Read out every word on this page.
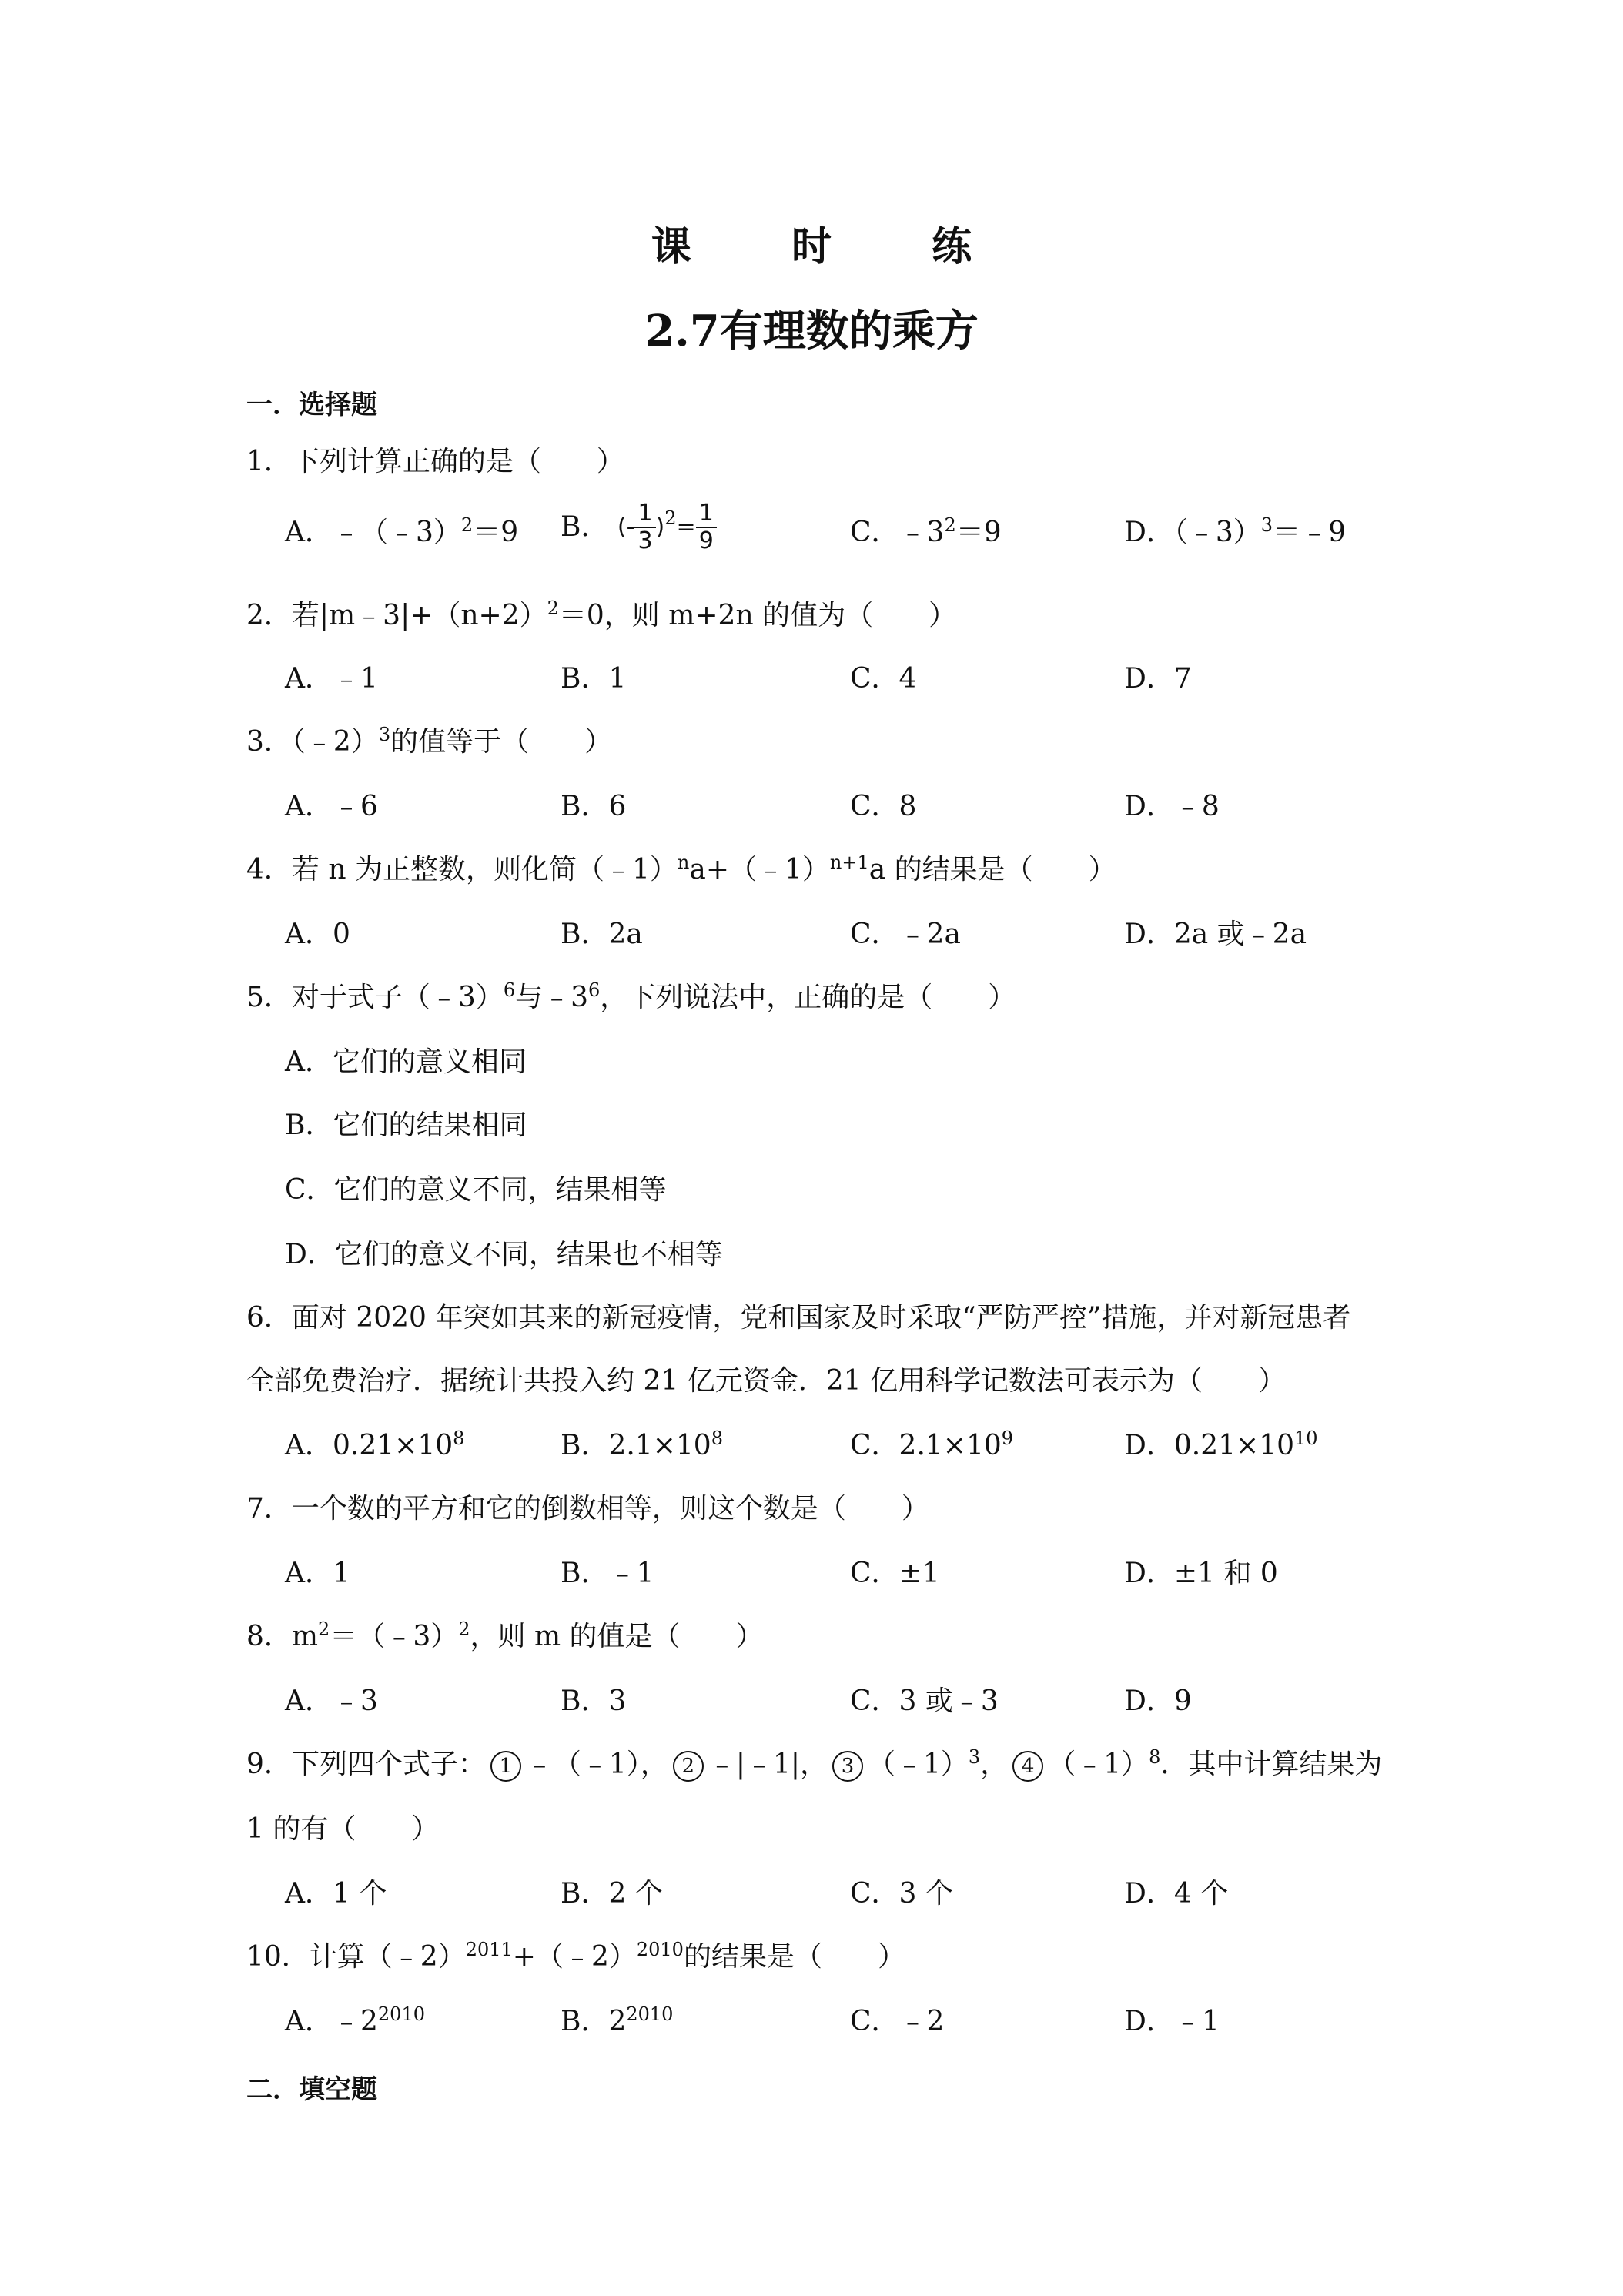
课 时 练
2.7有理数的乘方
一．选择题
1．下列计算正确的是（　　）
A．﹣（﹣3）$^2$＝9 B． (- $\frac{1}{3} )^2= \frac{1}{9}$	C．$﹣3^2=9$	D．（﹣3）$^3$＝﹣9
2．若$|m﹣3|+(n+2)^2=0$，则 m+2n 的值为（　　）
A．﹣1	B．1	C．4	D．7
3．（﹣2）$^3$的值等于（　　）
A．﹣6	B．6	C．8	D．﹣8
4．若 n 为正整数，则化简（﹣1）$^n$a+（﹣1）$^{n+1}$a 的结果是（　　）
A．0	B．2a	C．﹣2a	D．2a 或﹣2a
5．对于式子（﹣3）$^6$与$﹣3^6$，下列说法中，正确的是（　　）
A．它们的意义相同
B．它们的结果相同
C．它们的意义不同，结果相等
D．它们的意义不同，结果也不相等
6．面对 2020 年突如其来的新冠疫情，党和国家及时采取“严防严控”措施，并对新冠患者
全部免费治疗．据统计共投入约 21 亿元资金．21 亿用科学记数法可表示为（　　）
A．$0.21\times 10^8$	B．$2.1\times 10^8$	C．$2.1\times 10^9$	D．$0.21\times 10^{10}$
7．一个数的平方和它的倒数相等，则这个数是（　　）
A．1	B．﹣1	C．±1	D．±1 和 0
8．$m^2=(﹣3)^2$，则 m 的值是（　　）
A．﹣3	B．3	C．3 或﹣3	D．9
9．下列四个式子： 1 ﹣（﹣1）， 2 ﹣|﹣1|， 3 （﹣1）$^3$， 4 （﹣1）$^8$．其中计算结果为
1 的有（　　）
A．1 个	B．2 个	C．3 个	D．4 个
10．计算（﹣2）$^{2011}$+（﹣2）$^{2010}$的结果是（　　）
A．$﹣2^{2010}$	B．$2^{2010}$	C．﹣2	D．﹣1
二．填空题
